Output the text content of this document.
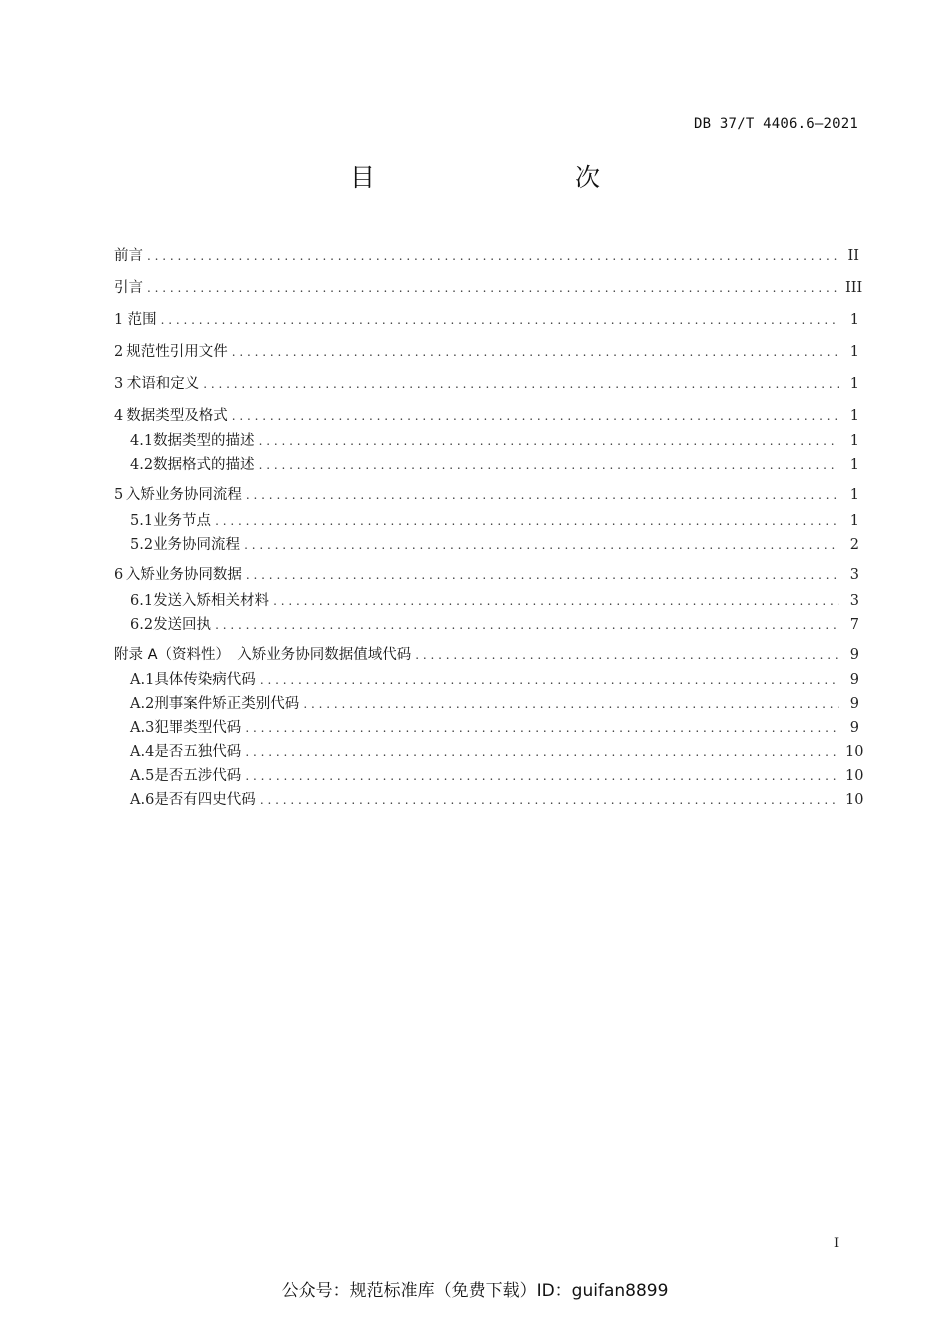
DB 37/T 4406.6—2021
目　　次
前言 . . .	II
引言 . . .	III
1 范围 . . .	1
2 规范性引用文件 . . .	1
3 术语和定义 . . .	1
4 数据类型及格式 . . .	1
4.1 数据类型的描述 . . .	1
4.2 数据格式的描述 . . .	1
5 入矫业务协同流程 . . .	1
5.1 业务节点 . . .	1
5.2 业务协同流程 . . .	2
6 入矫业务协同数据 . . .	3
6.1 发送入矫相关材料 . . .	3
6.2 发送回执 . . .	7
附录 A（资料性）　入矫业务协同数据值域代码 . . .	9
A.1 具体传染病代码 . . .	9
A.2 刑事案件矫正类别代码 . . .	9
A.3 犯罪类型代码 . . .	9
A.4 是否五独代码 . . .	10
A.5 是否五涉代码 . . .	10
A.6 是否有四史代码 . . .	10
I
公众号：规范标准库（免费下载）ID：guifan8899
